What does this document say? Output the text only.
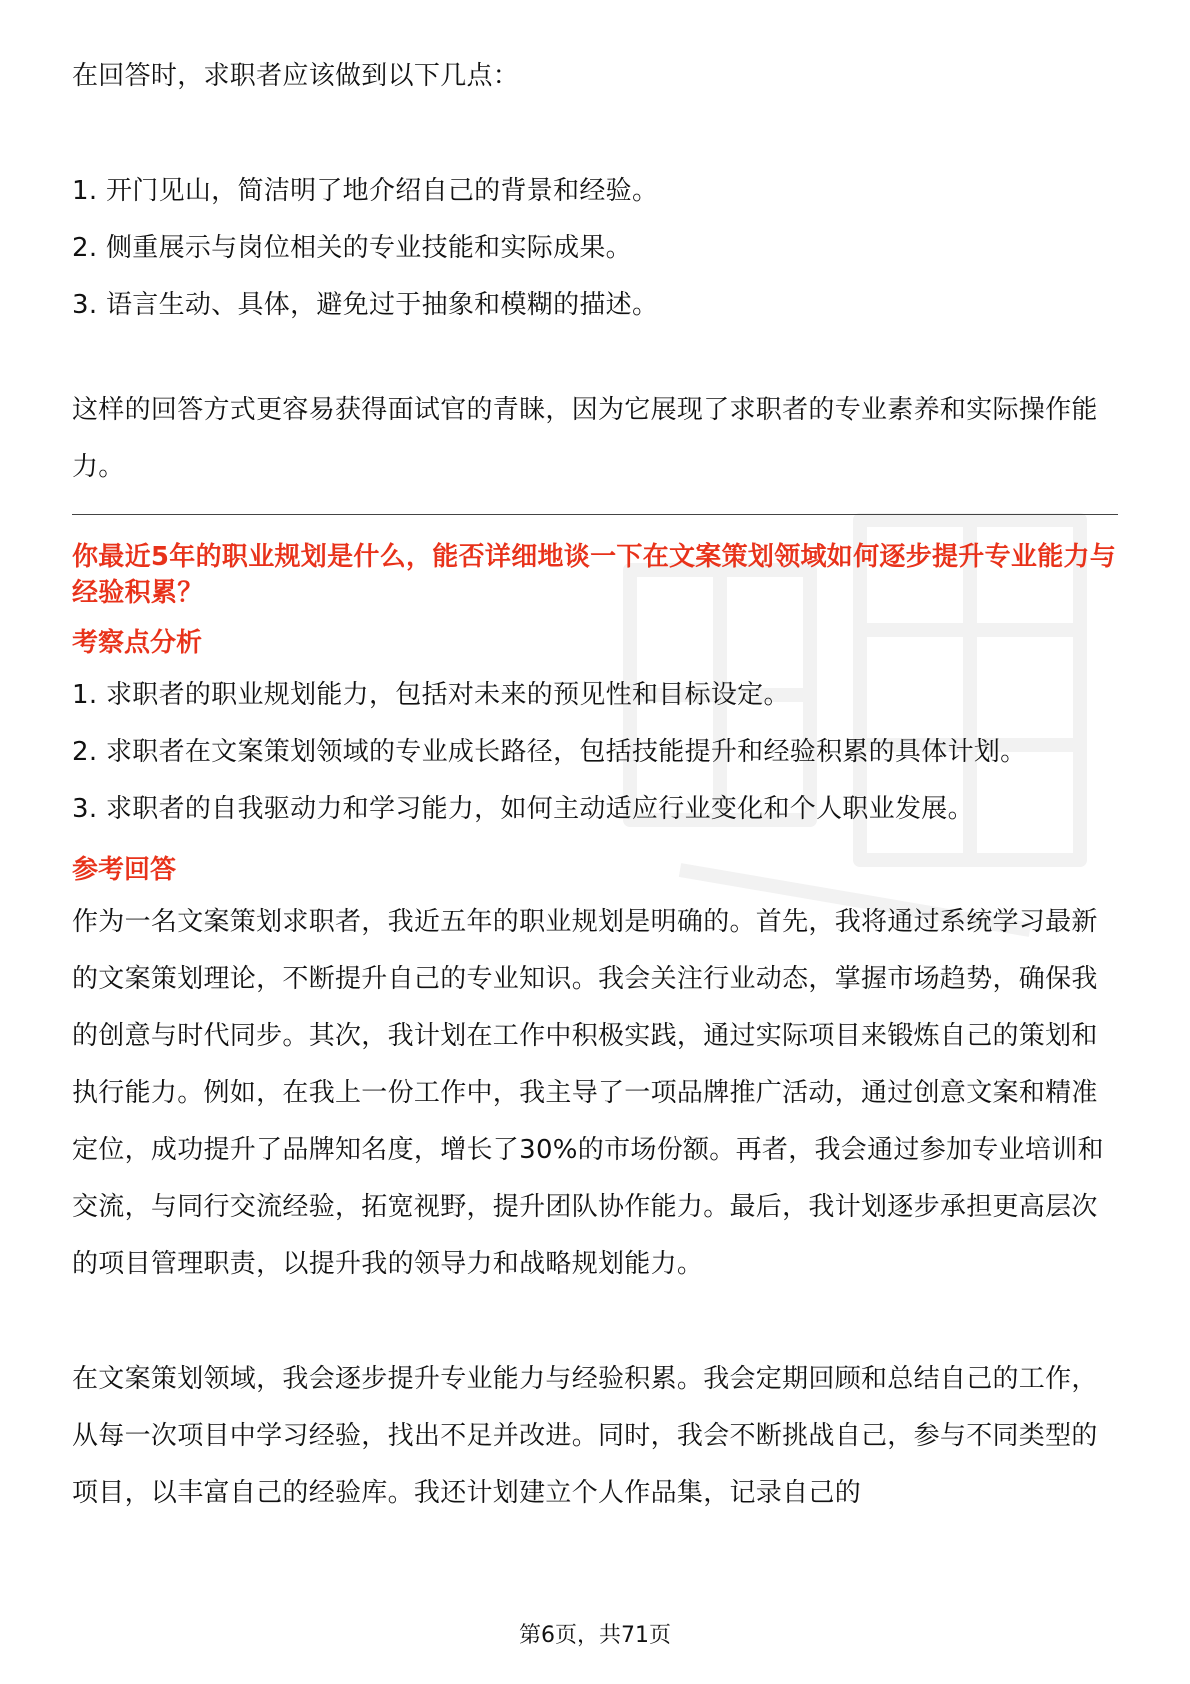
在回答时，求职者应该做到以下几点：

1. 开门见山，简洁明了地介绍自己的背景和经验。

2. 侧重展示与岗位相关的专业技能和实际成果。

3. 语言生动、具体，避免过于抽象和模糊的描述。

这样的回答方式更容易获得面试官的青睐，因为它展现了求职者的专业素养和实际操作能力。

你最近5年的职业规划是什么，能否详细地谈一下在文案策划领域如何逐步提升专业能力与经验积累？

考察点分析

1. 求职者的职业规划能力，包括对未来的预见性和目标设定。

2. 求职者在文案策划领域的专业成长路径，包括技能提升和经验积累的具体计划。

3. 求职者的自我驱动力和学习能力，如何主动适应行业变化和个人职业发展。

参考回答

作为一名文案策划求职者，我近五年的职业规划是明确的。首先，我将通过系统学习最新的文案策划理论，不断提升自己的专业知识。我会关注行业动态，掌握市场趋势，确保我的创意与时代同步。其次，我计划在工作中积极实践，通过实际项目来锻炼自己的策划和执行能力。例如，在我上一份工作中，我主导了一项品牌推广活动，通过创意文案和精准定位，成功提升了品牌知名度，增长了30%的市场份额。再者，我会通过参加专业培训和交流，与同行交流经验，拓宽视野，提升团队协作能力。最后，我计划逐步承担更高层次的项目管理职责，以提升我的领导力和战略规划能力。

在文案策划领域，我会逐步提升专业能力与经验积累。我会定期回顾和总结自己的工作，从每一次项目中学习经验，找出不足并改进。同时，我会不断挑战自己，参与不同类型的项目，以丰富自己的经验库。我还计划建立个人作品集，记录自己的

第6页，共71页
